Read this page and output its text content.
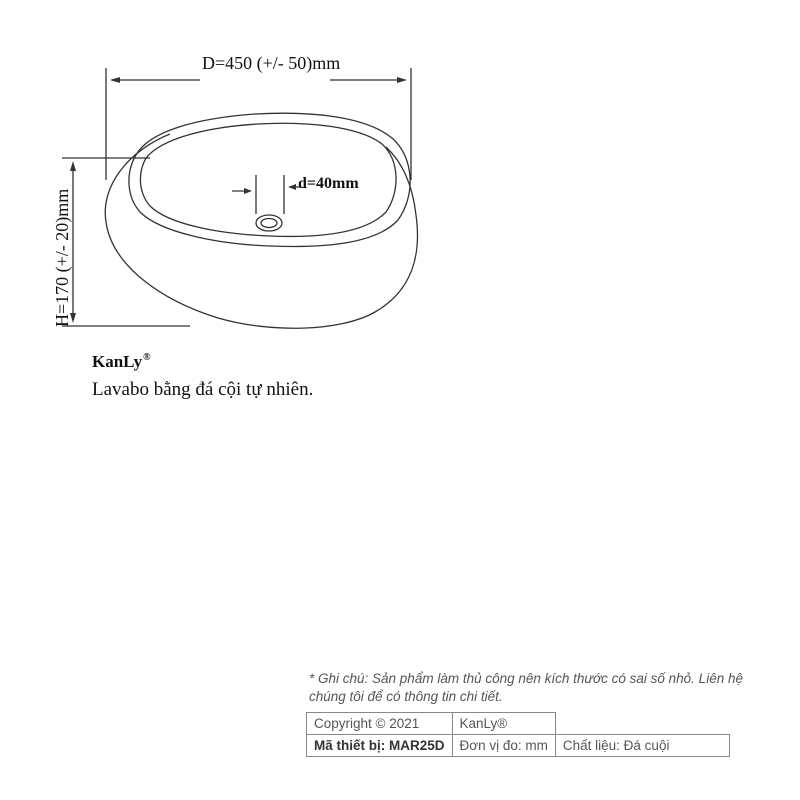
D=450 (+/- 50)mm
d=40mm
H=170 (+/- 20)mm
KanLy®
Lavabo bằng đá cội tự nhiên.
* Ghi chú: Sản phẩm làm thủ công nên kích thước có sai số nhỏ. Liên hệ chúng tôi để có thông tin chi tiết.
Copyright © 2021	KanLy®	
Mã thiết bị: MAR25D	Đơn vị đo: mm	Chất liệu: Đá cuội
